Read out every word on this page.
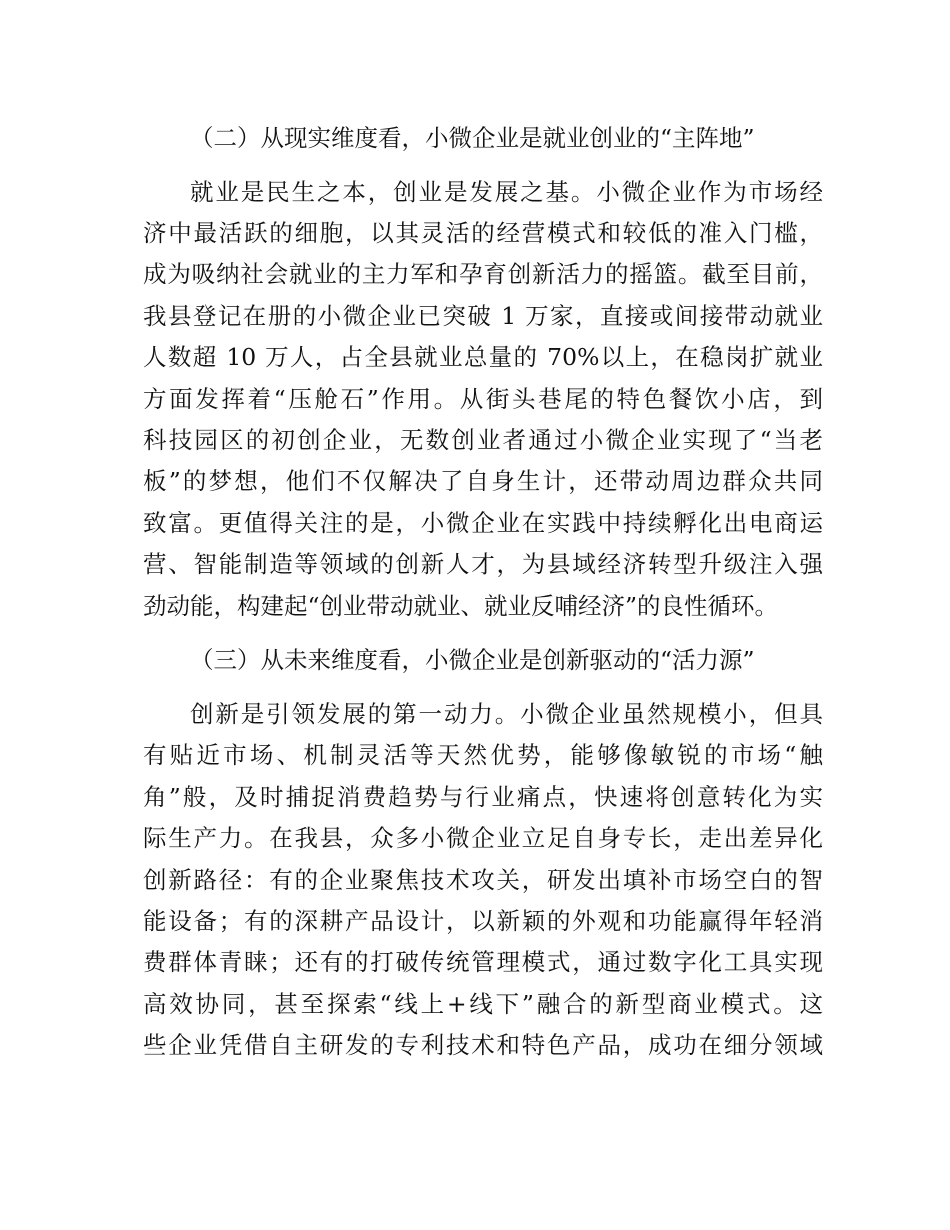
（二）从现实维度看，小微企业是就业创业的“主阵地”
就业是民生之本，创业是发展之基。小微企业作为市场经
济中最活跃的细胞，以其灵活的经营模式和较低的准入门槛，
成为吸纳社会就业的主力军和孕育创新活力的摇篮。截至目前，
我县登记在册的小微企业已突破 1 万家，直接或间接带动就业
人数超 10 万人，占全县就业总量的 70%以上，在稳岗扩就业
方面发挥着“压舱石”作用。从街头巷尾的特色餐饮小店，到
科技园区的初创企业，无数创业者通过小微企业实现了“当老
板”的梦想，他们不仅解决了自身生计，还带动周边群众共同
致富。更值得关注的是，小微企业在实践中持续孵化出电商运
营、智能制造等领域的创新人才，为县域经济转型升级注入强
劲动能，构建起“创业带动就业、就业反哺经济”的良性循环。
（三）从未来维度看，小微企业是创新驱动的“活力源”
创新是引领发展的第一动力。小微企业虽然规模小，但具
有贴近市场、机制灵活等天然优势，能够像敏锐的市场“触
角”般，及时捕捉消费趋势与行业痛点，快速将创意转化为实
际生产力。在我县，众多小微企业立足自身专长，走出差异化
创新路径：有的企业聚焦技术攻关，研发出填补市场空白的智
能设备；有的深耕产品设计，以新颖的外观和功能赢得年轻消
费群体青睐；还有的打破传统管理模式，通过数字化工具实现
高效协同，甚至探索“线上+线下”融合的新型商业模式。这
些企业凭借自主研发的专利技术和特色产品，成功在细分领域
